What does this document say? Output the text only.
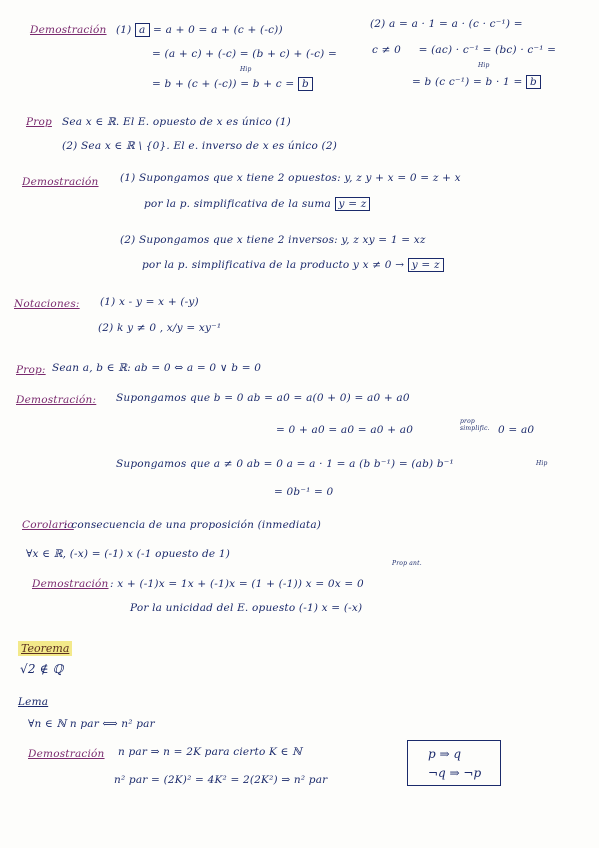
Demostración (1) a = a + 0 = a + (c + (-c))
= (a + c) + (-c) = (b + c) + (-c) =
Hip
= b + (c + (-c)) = b + c = b
(2) a = a · 1 = a · (c · c⁻¹) =
c ≠ 0 = (ac) · c⁻¹ = (bc) · c⁻¹ =
Hip
= b (c c⁻¹) = b · 1 = b
Prop Sea x ∈ ℝ. El E. opuesto de x es único (1)
(2) Sea x ∈ ℝ \ {0}. El e. inverso de x es único (2)
Demostración (1) Supongamos que x tiene 2 opuestos: y, z y + x = 0 = z + x
por la p. simplificativa de la suma y = z
(2) Supongamos que x tiene 2 inversos: y, z xy = 1 = xz
por la p. simplificativa de la producto y x ≠ 0 → y = z
Notaciones: (1) x - y = x + (-y)
(2) k y ≠ 0 , x/y = xy⁻¹
Prop: Sean a, b ∈ ℝ: ab = 0 ⇔ a = 0 ∨ b = 0
Demostración: Supongamos que b = 0 ab = a0 = a(0 + 0) = a0 + a0
= 0 + a0 = a0 = a0 + a0
prop simplific. 0 = a0
Supongamos que a ≠ 0 ab = 0 a = a · 1 = a (b b⁻¹) = (ab) b⁻¹	Hip
= 0b⁻¹ = 0
Corolario
: consecuencia de una proposición (inmediata)
∀x ∈ ℝ, (-x) = (-1) x (-1 opuesto de 1)
Demostración : x + (-1)x = 1x + (-1)x = (1 + (-1)) x = 0x = 0
Prop ant.
Por la unicidad del E. opuesto (-1) x = (-x)
Teorema
√2 ∉ ℚ
Lema
∀n ∈ ℕ n par ⟺ n² par
Demostración n par ⇒ n = 2K para cierto K ∈ ℕ
n² par = (2K)² = 4K² = 2(2K²) ⇒ n² par
p ⇒ q
¬q ⇒ ¬p
